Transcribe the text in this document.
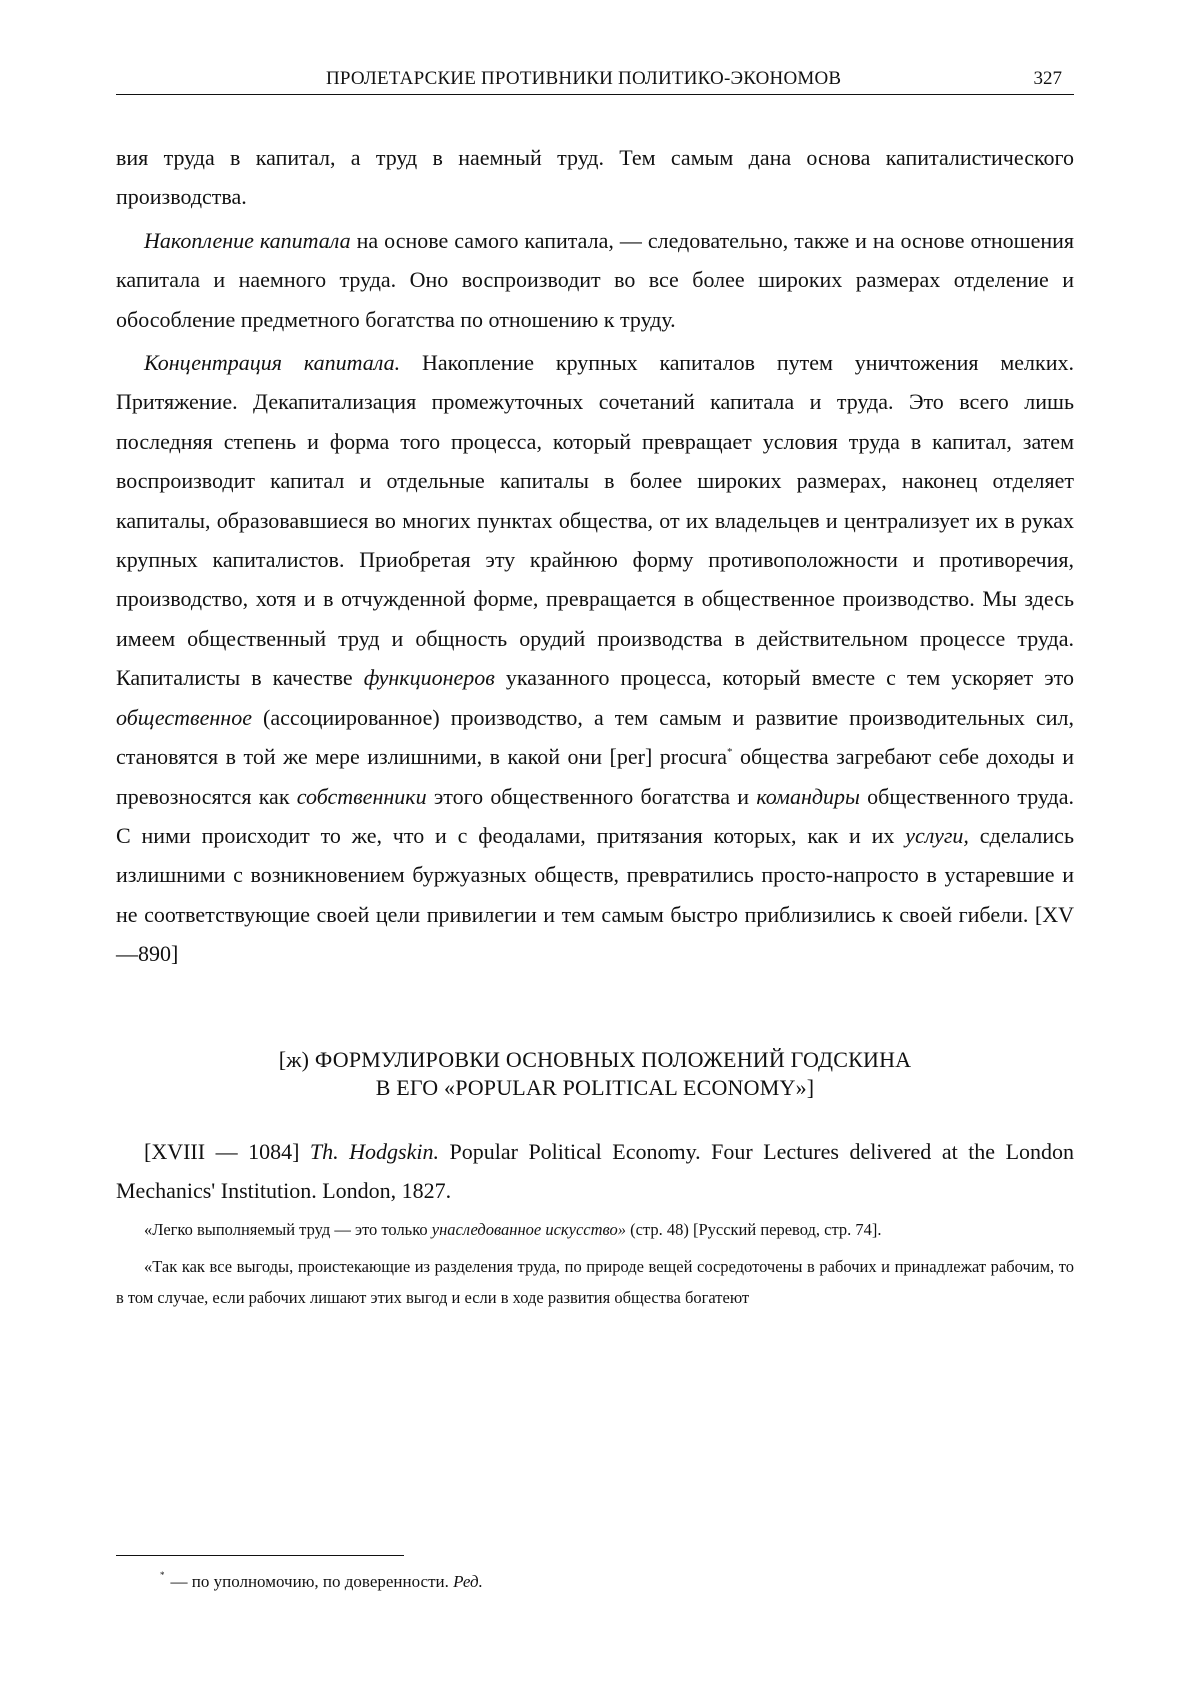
ПРОЛЕТАРСКИЕ ПРОТИВНИКИ ПОЛИТИКО-ЭКОНОМОВ	327

вия труда в капитал, а труд в наемный труд. Тем самым дана основа капиталистического производства.

Накопление капитала на основе самого капитала, — следовательно, также и на основе отношения капитала и наемного труда. Оно воспроизводит во все более широких размерах отделение и обособление предметного богатства по отношению к труду.

Концентрация капитала. Накопление крупных капиталов путем уничтожения мелких. Притяжение. Декапитализация промежуточных сочетаний капитала и труда. Это всего лишь последняя степень и форма того процесса, который превращает условия труда в капитал, затем воспроизводит капитал и отдельные капиталы в более широких размерах, наконец отделяет капиталы, образовавшиеся во многих пунктах общества, от их владельцев и централизует их в руках крупных капиталистов. Приобретая эту крайнюю форму противоположности и противоречия, производство, хотя и в отчужденной форме, превращается в общественное производство. Мы здесь имеем общественный труд и общность орудий производства в действительном процессе труда. Капиталисты в качестве функционеров указанного процесса, который вместе с тем ускоряет это общественное (ассоциированное) производство, а тем самым и развитие производительных сил, становятся в той же мере излишними, в какой они [per] procura* общества загребают себе доходы и превозносятся как собственники этого общественного богатства и командиры общественного труда. С ними происходит то же, что и с феодалами, притязания которых, как и их услуги, сделались излишними с возникновением буржуазных обществ, превратились просто-напросто в устаревшие и не соответствующие своей цели привилегии и тем самым быстро приблизились к своей гибели. [XV—890]

[ж) ФОРМУЛИРОВКИ ОСНОВНЫХ ПОЛОЖЕНИЙ ГОДСКИНА
В ЕГО «POPULAR POLITICAL ECONOMY»]

[XVIII — 1084] Th. Hodgskin. Popular Political Economy. Four Lectures delivered at the London Mechanics' Institution. London, 1827.

«Легко выполняемый труд — это только унаследованное искусство» (стр. 48) [Русский перевод, стр. 74].

«Так как все выгоды, проистекающие из разделения труда, по природе вещей сосредоточены в рабочих и принадлежат рабочим, то в том случае, если рабочих лишают этих выгод и если в ходе развития общества богатеют

* — по уполномочию, по доверенности. Ред.
